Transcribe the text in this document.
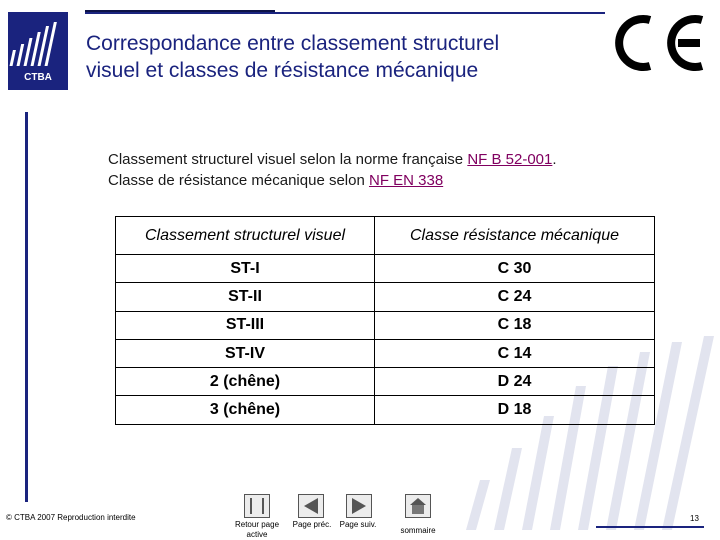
CTBA
Correspondance entre classement structurel
visuel et classes de résistance mécanique
Classement structurel visuel selon la norme française NF B 52-001.
Classe de résistance mécanique selon NF EN 338
Classement structurel visuel	Classe résistance mécanique
ST-I	C 30
ST-II	C 24
ST-III	C 18
ST-IV	C 14
2 (chêne)	D 24
3 (chêne)	D 18
© CTBA 2007 Reproduction interdite
Retour page active
Page préc.	Page suiv.
sommaire
13
